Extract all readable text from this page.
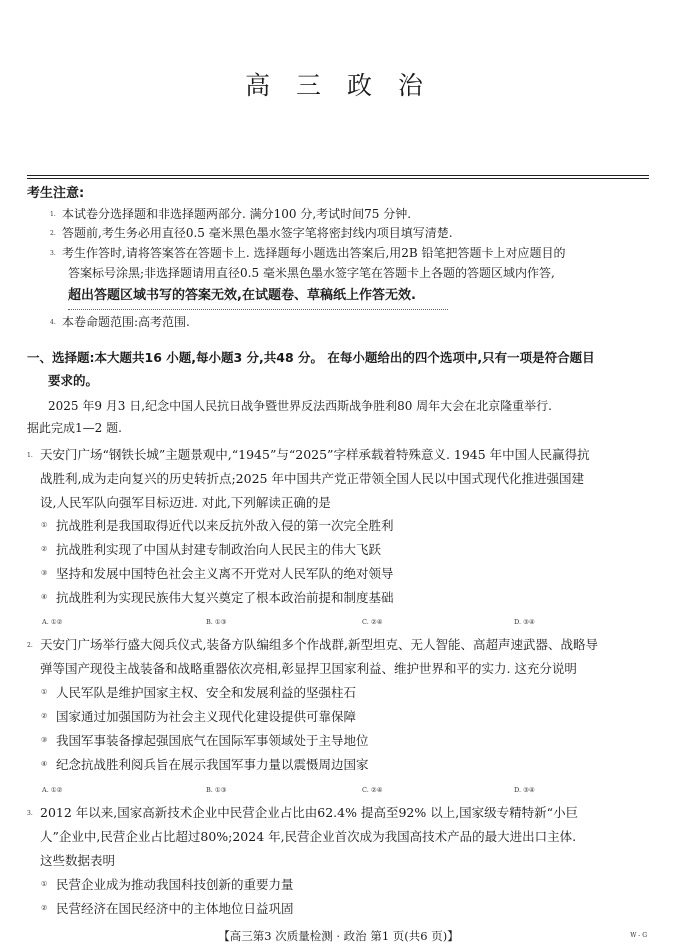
高 三 政 治
考生注意:
1. 本试卷分选择题和非选择题两部分. 满分100 分,考试时间75 分钟.
2. 答题前,考生务必用直径0.5 毫米黑色墨水签字笔将密封线内项目填写清楚.
3. 考生作答时,请将答案答在答题卡上. 选择题每小题选出答案后,用2B 铅笔把答题卡上对应题目的
答案标号涂黑;非选择题请用直径0.5 毫米黑色墨水签字笔在答题卡上各题的答题区域内作答,
超出答题区域书写的答案无效,在试题卷、草稿纸上作答无效.
4. 本卷命题范围:高考范围.
一、选择题:本大题共16 小题,每小题3 分,共48 分。 在每小题给出的四个选项中,只有一项是符合题目
要求的。
2025 年9 月3 日,纪念中国人民抗日战争暨世界反法西斯战争胜利80 周年大会在北京隆重举行.
据此完成1—2 题.
1. 天安门广场“钢铁长城”主题景观中,“1945”与“2025”字样承载着特殊意义. 1945 年中国人民赢得抗
战胜利,成为走向复兴的历史转折点;2025 年中国共产党正带领全国人民以中国式现代化推进强国建
设,人民军队向强军目标迈进. 对此,下列解读正确的是
① 抗战胜利是我国取得近代以来反抗外敌入侵的第一次完全胜利
② 抗战胜利实现了中国从封建专制政治向人民民主的伟大飞跃
③ 坚持和发展中国特色社会主义离不开党对人民军队的绝对领导
④ 抗战胜利为实现民族伟大复兴奠定了根本政治前提和制度基础
A. ①②	B. ①③	C. ②④	D. ③④
2. 天安门广场举行盛大阅兵仪式,装备方队编组多个作战群,新型坦克、无人智能、高超声速武器、战略导
弹等国产现役主战装备和战略重器依次亮相,彰显捍卫国家利益、维护世界和平的实力. 这充分说明
① 人民军队是维护国家主权、安全和发展利益的坚强柱石
② 国家通过加强国防为社会主义现代化建设提供可靠保障
③ 我国军事装备撑起强国底气在国际军事领域处于主导地位
④ 纪念抗战胜利阅兵旨在展示我国军事力量以震慑周边国家
A. ①②	B. ①③	C. ②④	D. ③④
3. 2012 年以来,国家高新技术企业中民营企业占比由62.4% 提高至92% 以上,国家级专精特新“小巨
人”企业中,民营企业占比超过80%;2024 年,民营企业首次成为我国高技术产品的最大进出口主体.
这些数据表明
① 民营企业成为推动我国科技创新的重要力量
② 民营经济在国民经济中的主体地位日益巩固
【高三第3 次质量检测 · 政治 第1 页(共6 页)】	W - G
